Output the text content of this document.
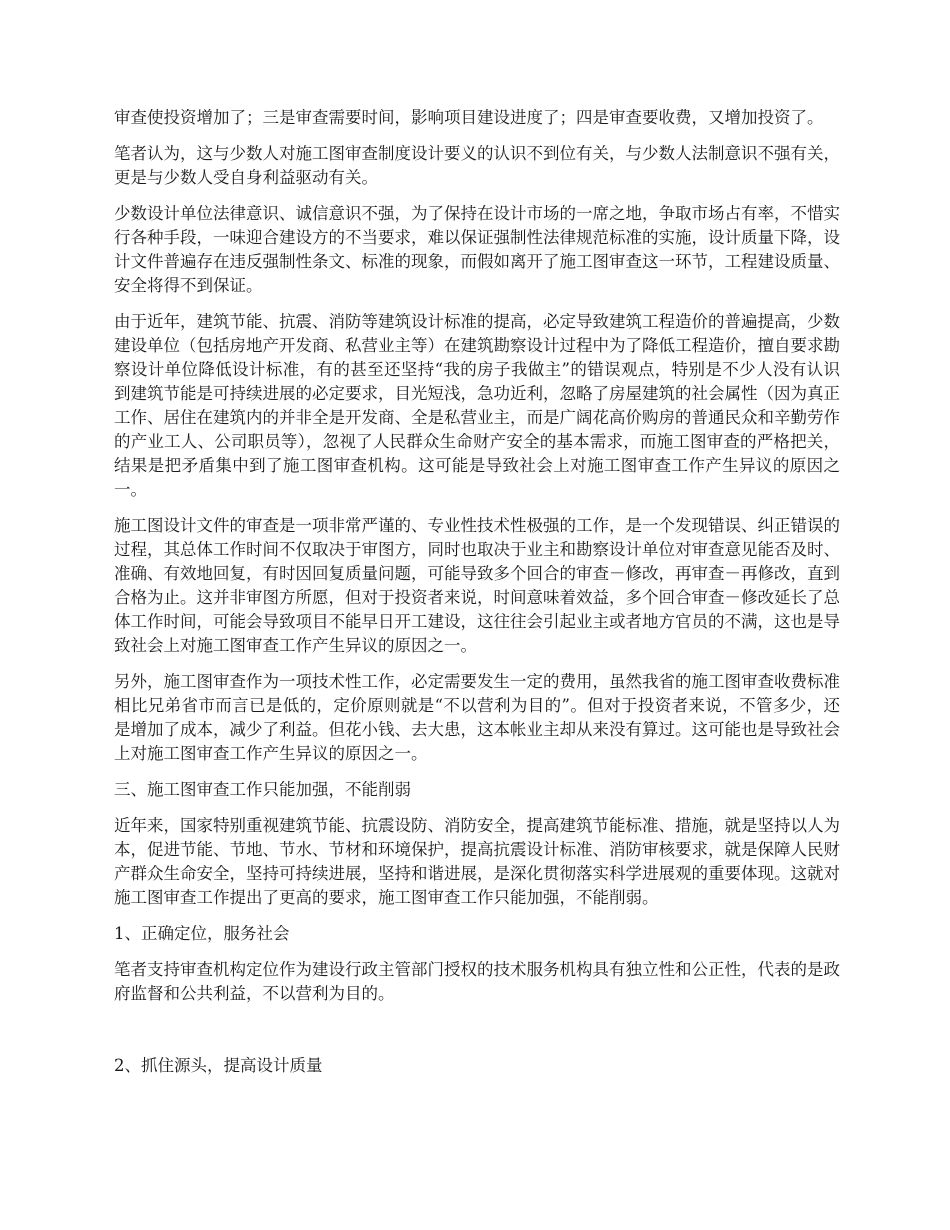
审查使投资增加了；三是审查需要时间，影响项目建设进度了；四是审查要收费，又增加投资了。

笔者认为，这与少数人对施工图审查制度设计要义的认识不到位有关，与少数人法制意识不强有关，更是与少数人受自身利益驱动有关。

少数设计单位法律意识、诚信意识不强，为了保持在设计市场的一席之地，争取市场占有率，不惜实行各种手段，一味迎合建设方的不当要求，难以保证强制性法律规范标准的实施，设计质量下降，设计文件普遍存在违反强制性条文、标准的现象，而假如离开了施工图审查这一环节，工程建设质量、安全将得不到保证。

由于近年，建筑节能、抗震、消防等建筑设计标准的提高，必定导致建筑工程造价的普遍提高，少数建设单位（包括房地产开发商、私营业主等）在建筑勘察设计过程中为了降低工程造价，擅自要求勘察设计单位降低设计标准，有的甚至还坚持“我的房子我做主”的错误观点，特别是不少人没有认识到建筑节能是可持续进展的必定要求，目光短浅，急功近利，忽略了房屋建筑的社会属性（因为真正工作、居住在建筑内的并非全是开发商、全是私营业主，而是广阔花高价购房的普通民众和辛勤劳作的产业工人、公司职员等），忽视了人民群众生命财产安全的基本需求，而施工图审查的严格把关，结果是把矛盾集中到了施工图审查机构。这可能是导致社会上对施工图审查工作产生异议的原因之一。

施工图设计文件的审查是一项非常严谨的、专业性技术性极强的工作，是一个发现错误、纠正错误的过程，其总体工作时间不仅取决于审图方，同时也取决于业主和勘察设计单位对审查意见能否及时、准确、有效地回复，有时因回复质量问题，可能导致多个回合的审查－修改，再审查－再修改，直到合格为止。这并非审图方所愿，但对于投资者来说，时间意味着效益，多个回合审查－修改延长了总体工作时间，可能会导致项目不能早日开工建设，这往往会引起业主或者地方官员的不满，这也是导致社会上对施工图审查工作产生异议的原因之一。

另外，施工图审查作为一项技术性工作，必定需要发生一定的费用，虽然我省的施工图审查收费标准相比兄弟省市而言已是低的，定价原则就是“不以营利为目的”。但对于投资者来说，不管多少，还是增加了成本，减少了利益。但花小钱、去大患，这本帐业主却从来没有算过。这可能也是导致社会上对施工图审查工作产生异议的原因之一。

三、施工图审查工作只能加强，不能削弱

近年来，国家特别重视建筑节能、抗震设防、消防安全，提高建筑节能标准、措施，就是坚持以人为本，促进节能、节地、节水、节材和环境保护，提高抗震设计标准、消防审核要求，就是保障人民财产群众生命安全，坚持可持续进展，坚持和谐进展，是深化贯彻落实科学进展观的重要体现。这就对施工图审查工作提出了更高的要求，施工图审查工作只能加强，不能削弱。

1、正确定位，服务社会

笔者支持审查机构定位作为建设行政主管部门授权的技术服务机构具有独立性和公正性，代表的是政府监督和公共利益，不以营利为目的。

2、抓住源头，提高设计质量
